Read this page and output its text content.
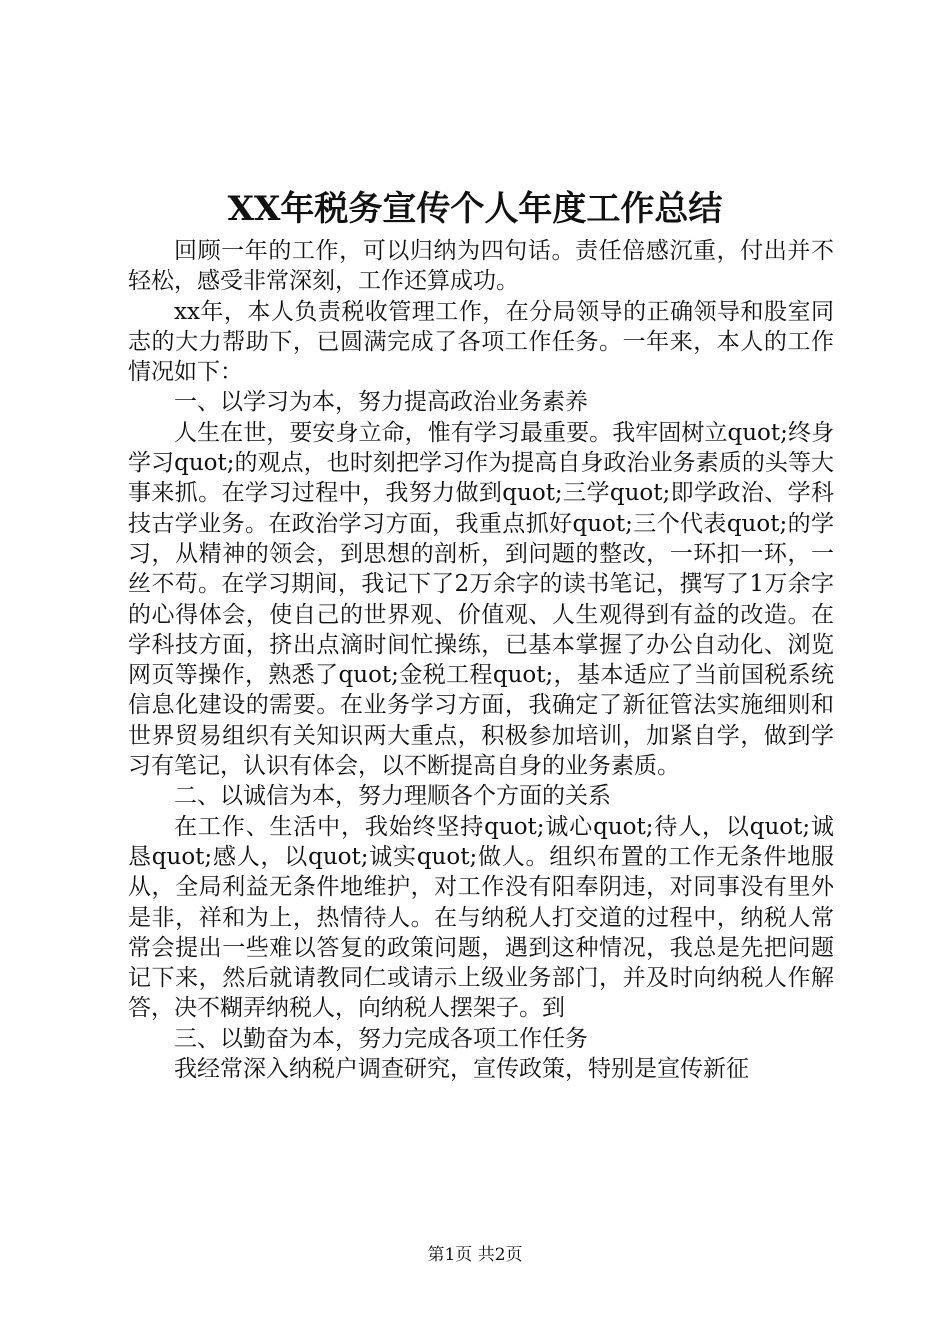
XX年税务宣传个人年度工作总结

回顾一年的工作，可以归纳为四句话。责任倍感沉重，付出并不轻松，感受非常深刻，工作还算成功。

xx年，本人负责税收管理工作，在分局领导的正确领导和股室同志的大力帮助下，已圆满完成了各项工作任务。一年来，本人的工作情况如下：

一、以学习为本，努力提高政治业务素养

人生在世，要安身立命，惟有学习最重要。我牢固树立quot;终身学习quot;的观点，也时刻把学习作为提高自身政治业务素质的头等大事来抓。在学习过程中，我努力做到quot;三学quot;即学政治、学科技古学业务。在政治学习方面，我重点抓好quot;三个代表quot;的学习，从精神的领会，到思想的剖析，到问题的整改，一环扣一环，一丝不苟。在学习期间，我记下了2万余字的读书笔记，撰写了1万余字的心得体会，使自己的世界观、价值观、人生观得到有益的改造。在学科技方面，挤出点滴时间忙操练，已基本掌握了办公自动化、浏览网页等操作，熟悉了quot;金税工程quot;，基本适应了当前国税系统信息化建设的需要。在业务学习方面，我确定了新征管法实施细则和世界贸易组织有关知识两大重点，积极参加培训，加紧自学，做到学习有笔记，认识有体会，以不断提高自身的业务素质。

二、以诚信为本，努力理顺各个方面的关系

在工作、生活中，我始终坚持quot;诚心quot;待人，以quot;诚恳quot;感人，以quot;诚实quot;做人。组织布置的工作无条件地服从，全局利益无条件地维护，对工作没有阳奉阴违，对同事没有里外是非，祥和为上，热情待人。在与纳税人打交道的过程中，纳税人常常会提出一些难以答复的政策问题，遇到这种情况，我总是先把问题记下来，然后就请教同仁或请示上级业务部门，并及时向纳税人作解答，决不糊弄纳税人，向纳税人摆架子。到

三、以勤奋为本，努力完成各项工作任务

我经常深入纳税户调查研究，宣传政策，特别是宣传新征

第1页 共2页
